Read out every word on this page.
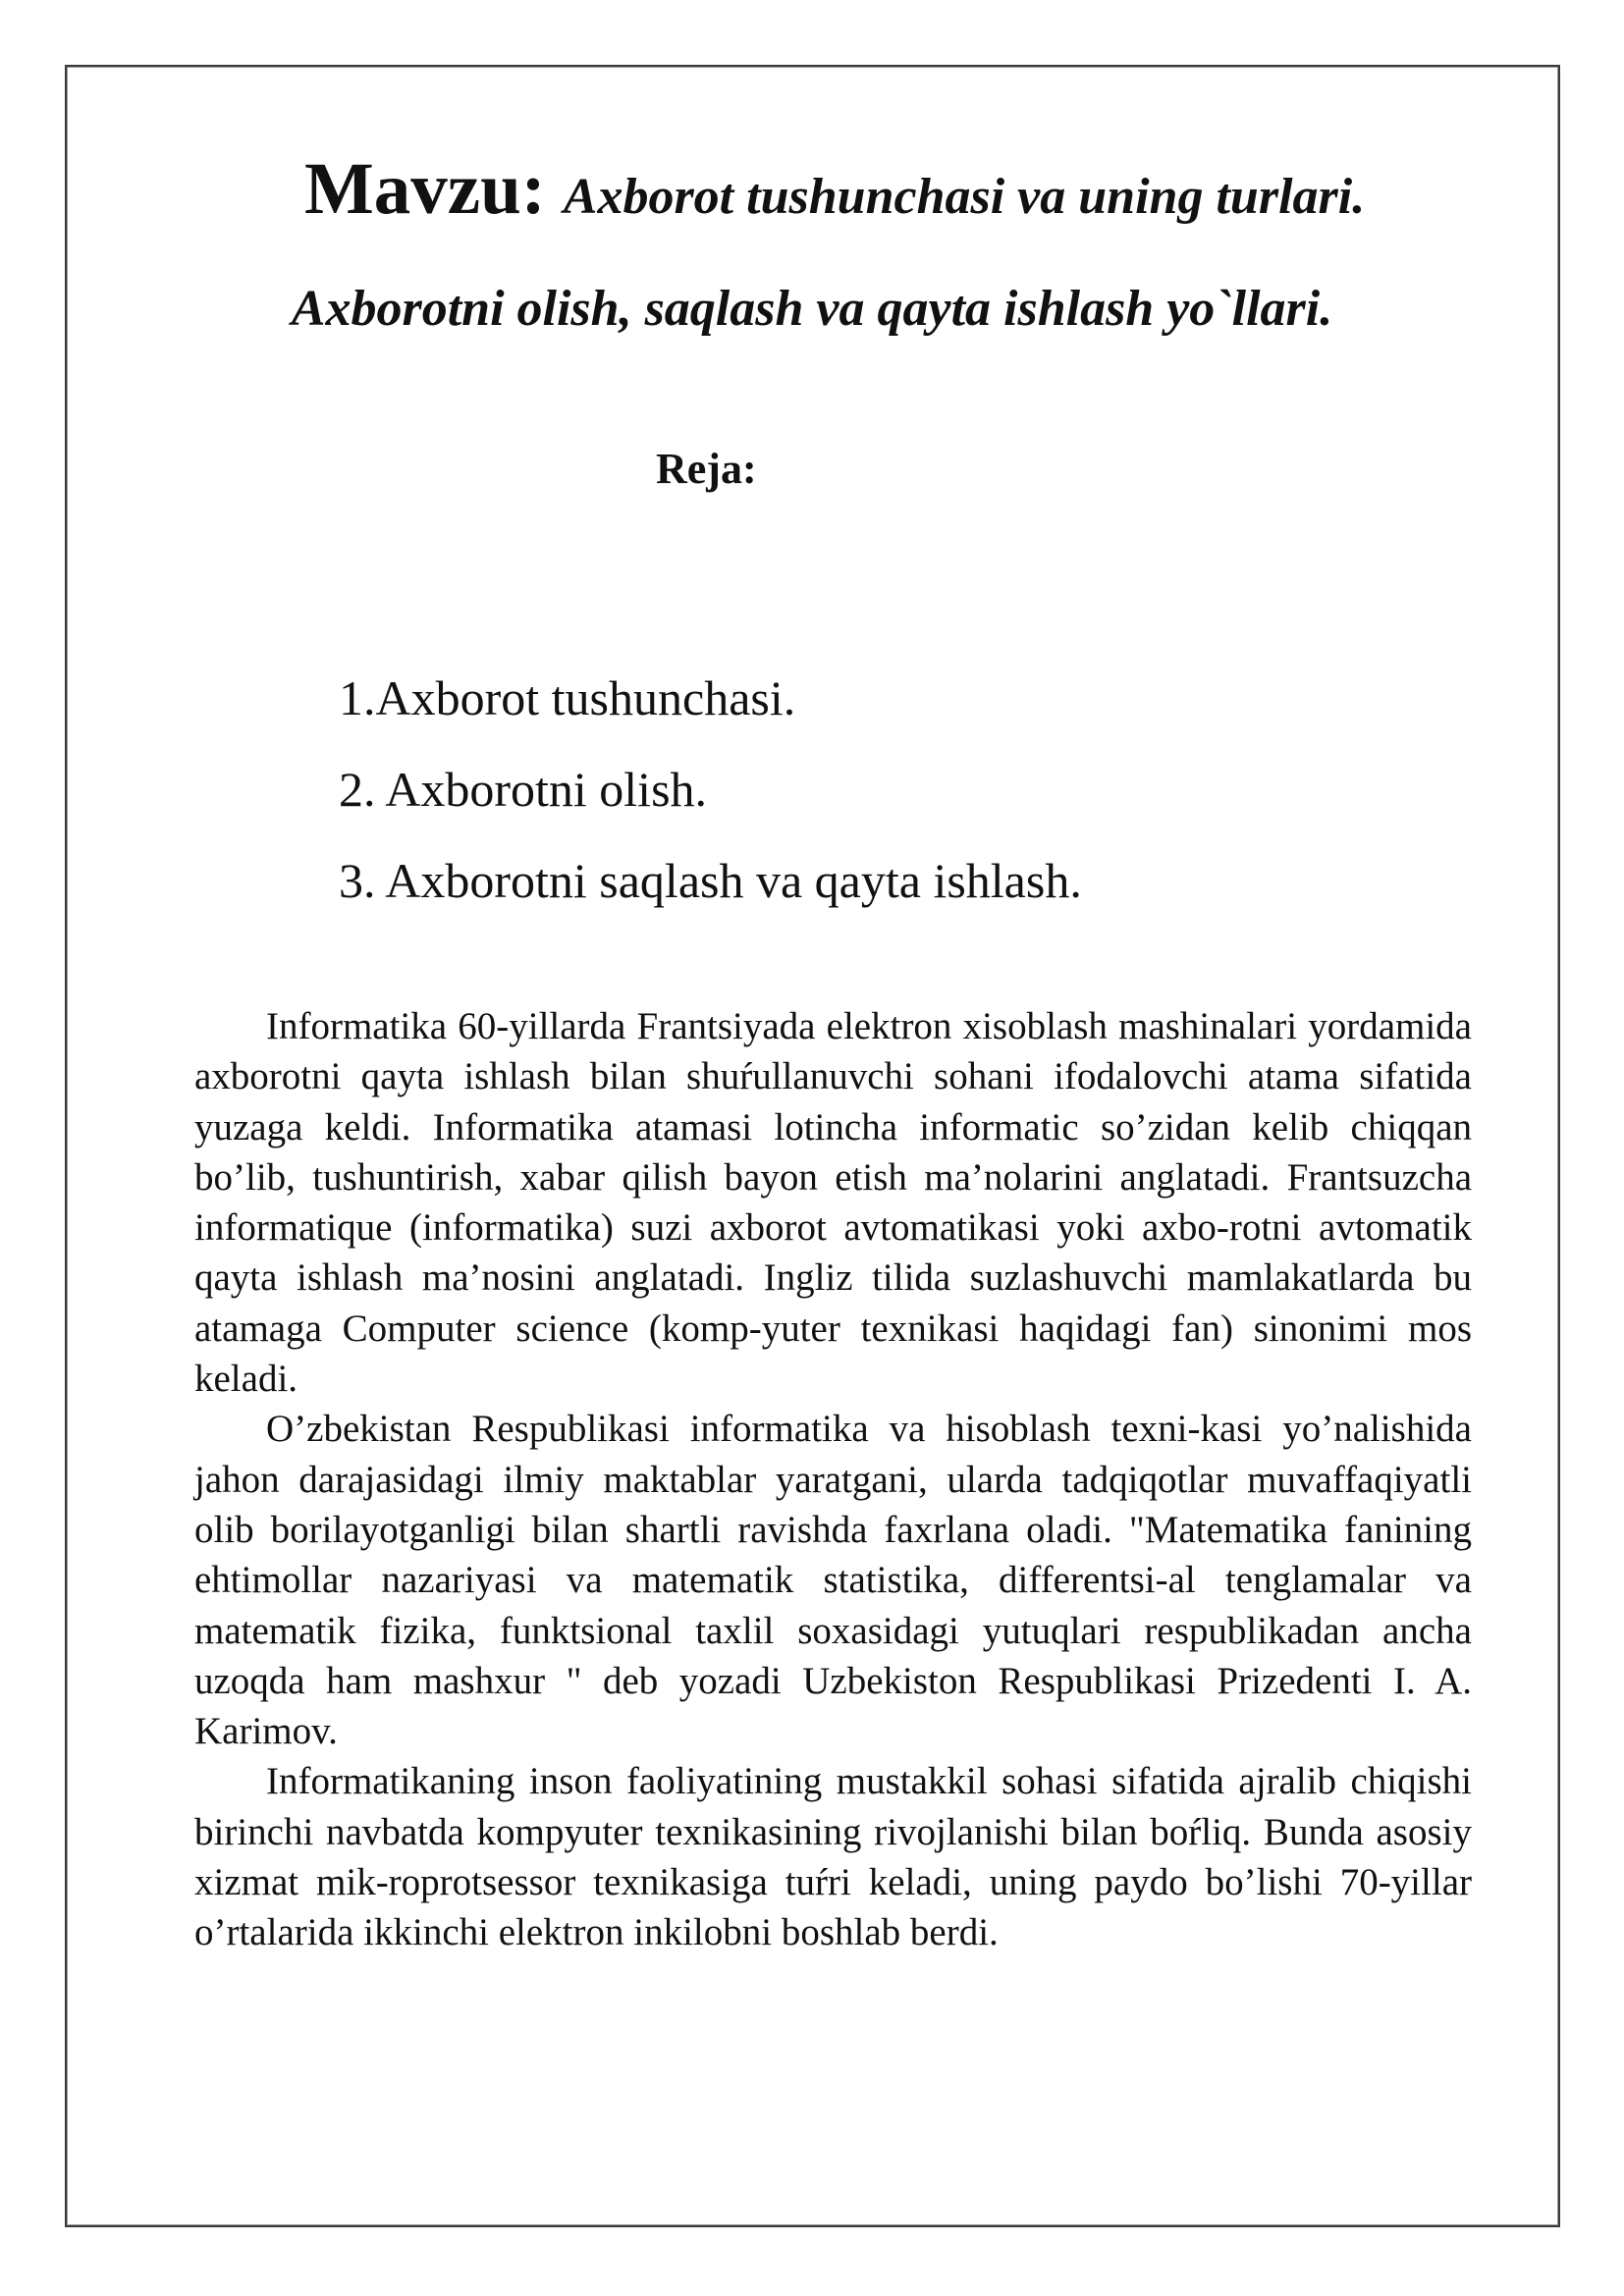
Mavzu: Axborot tushunchasi va uning turlari.
Axborotni olish, saqlash va qayta ishlash yo`llari.
Reja:
1.Axborot tushunchasi.
2. Axborotni olish.
3. Axborotni saqlash va qayta ishlash.

Informatika 60-yillarda Frantsiyada elektron xisoblash mashinalari yordamida axborotni qayta ishlash bilan shuŕullanuvchi sohani ifodalovchi atama sifatida yuzaga keldi. Informatika atamasi lotincha informatic so’zidan kelib chiqqan bo’lib, tushuntirish, xabar qilish bayon etish ma’nolarini anglatadi. Frantsuzcha informatique (informatika) suzi axborot avtomatikasi yoki axbo-rotni avtomatik qayta ishlash ma’nosini anglatadi. Ingliz tilida suzlashuvchi mamlakatlarda bu atamaga Computer science (komp-yuter texnikasi haqidagi fan) sinonimi mos keladi.

O’zbekistan Respublikasi informatika va hisoblash texni-kasi yo’nalishida jahon darajasidagi ilmiy maktablar yaratgani, ularda tadqiqotlar muvaffaqiyatli olib borilayotganligi bilan shartli ravishda faxrlana oladi. "Matematika fanining ehtimollar nazariyasi va matematik statistika, differentsi-al tenglamalar va matematik fizika, funktsional taxlil soxasidagi yutuqlari respublikadan ancha uzoqda ham mashxur " deb yozadi Uzbekiston Respublikasi Prizedenti I. A. Karimov.

Informatikaning inson faoliyatining mustakkil sohasi sifatida ajralib chiqishi birinchi navbatda kompyuter texnikasining rivojlanishi bilan boŕliq. Bunda asosiy xizmat mik-roprotsessor texnikasiga tuŕri keladi, uning paydo bo’lishi 70-yillar o’rtalarida ikkinchi elektron inkilobni boshlab berdi.
